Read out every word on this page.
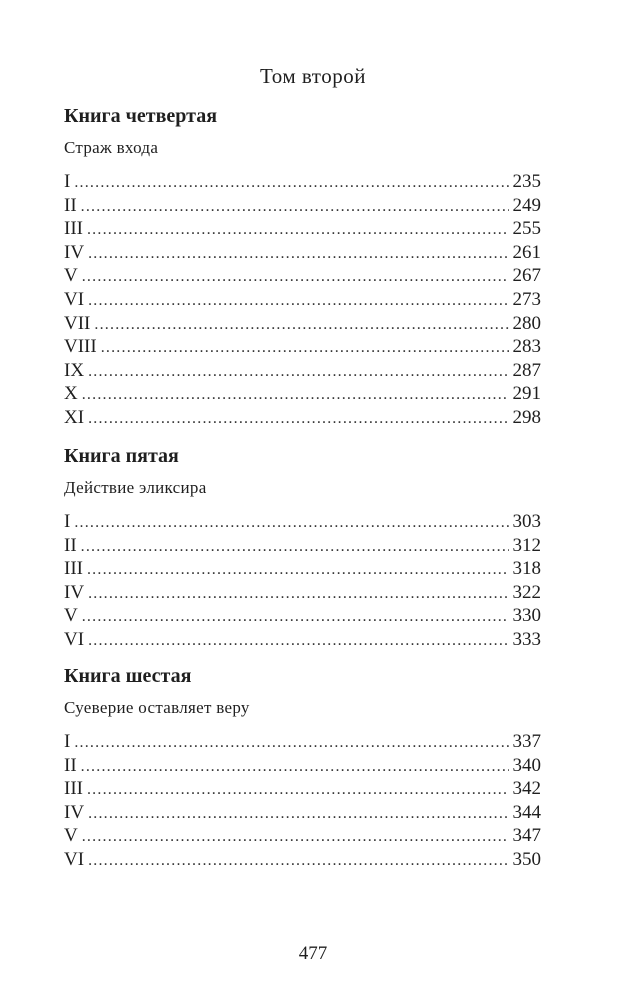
Том второй
Книга четвертая
Страж входа
I .....	235
II .....	249
III .....	255
IV .....	261
V .....	267
VI .....	273
VII .....	280
VIII .....	283
IX .....	287
X .....	291
XI .....	298
Книга пятая
Действие эликсира
I .....	303
II .....	312
III .....	318
IV .....	322
V .....	330
VI .....	333
Книга шестая
Суеверие оставляет веру
I .....	337
II .....	340
III .....	342
IV .....	344
V .....	347
VI .....	350
477
